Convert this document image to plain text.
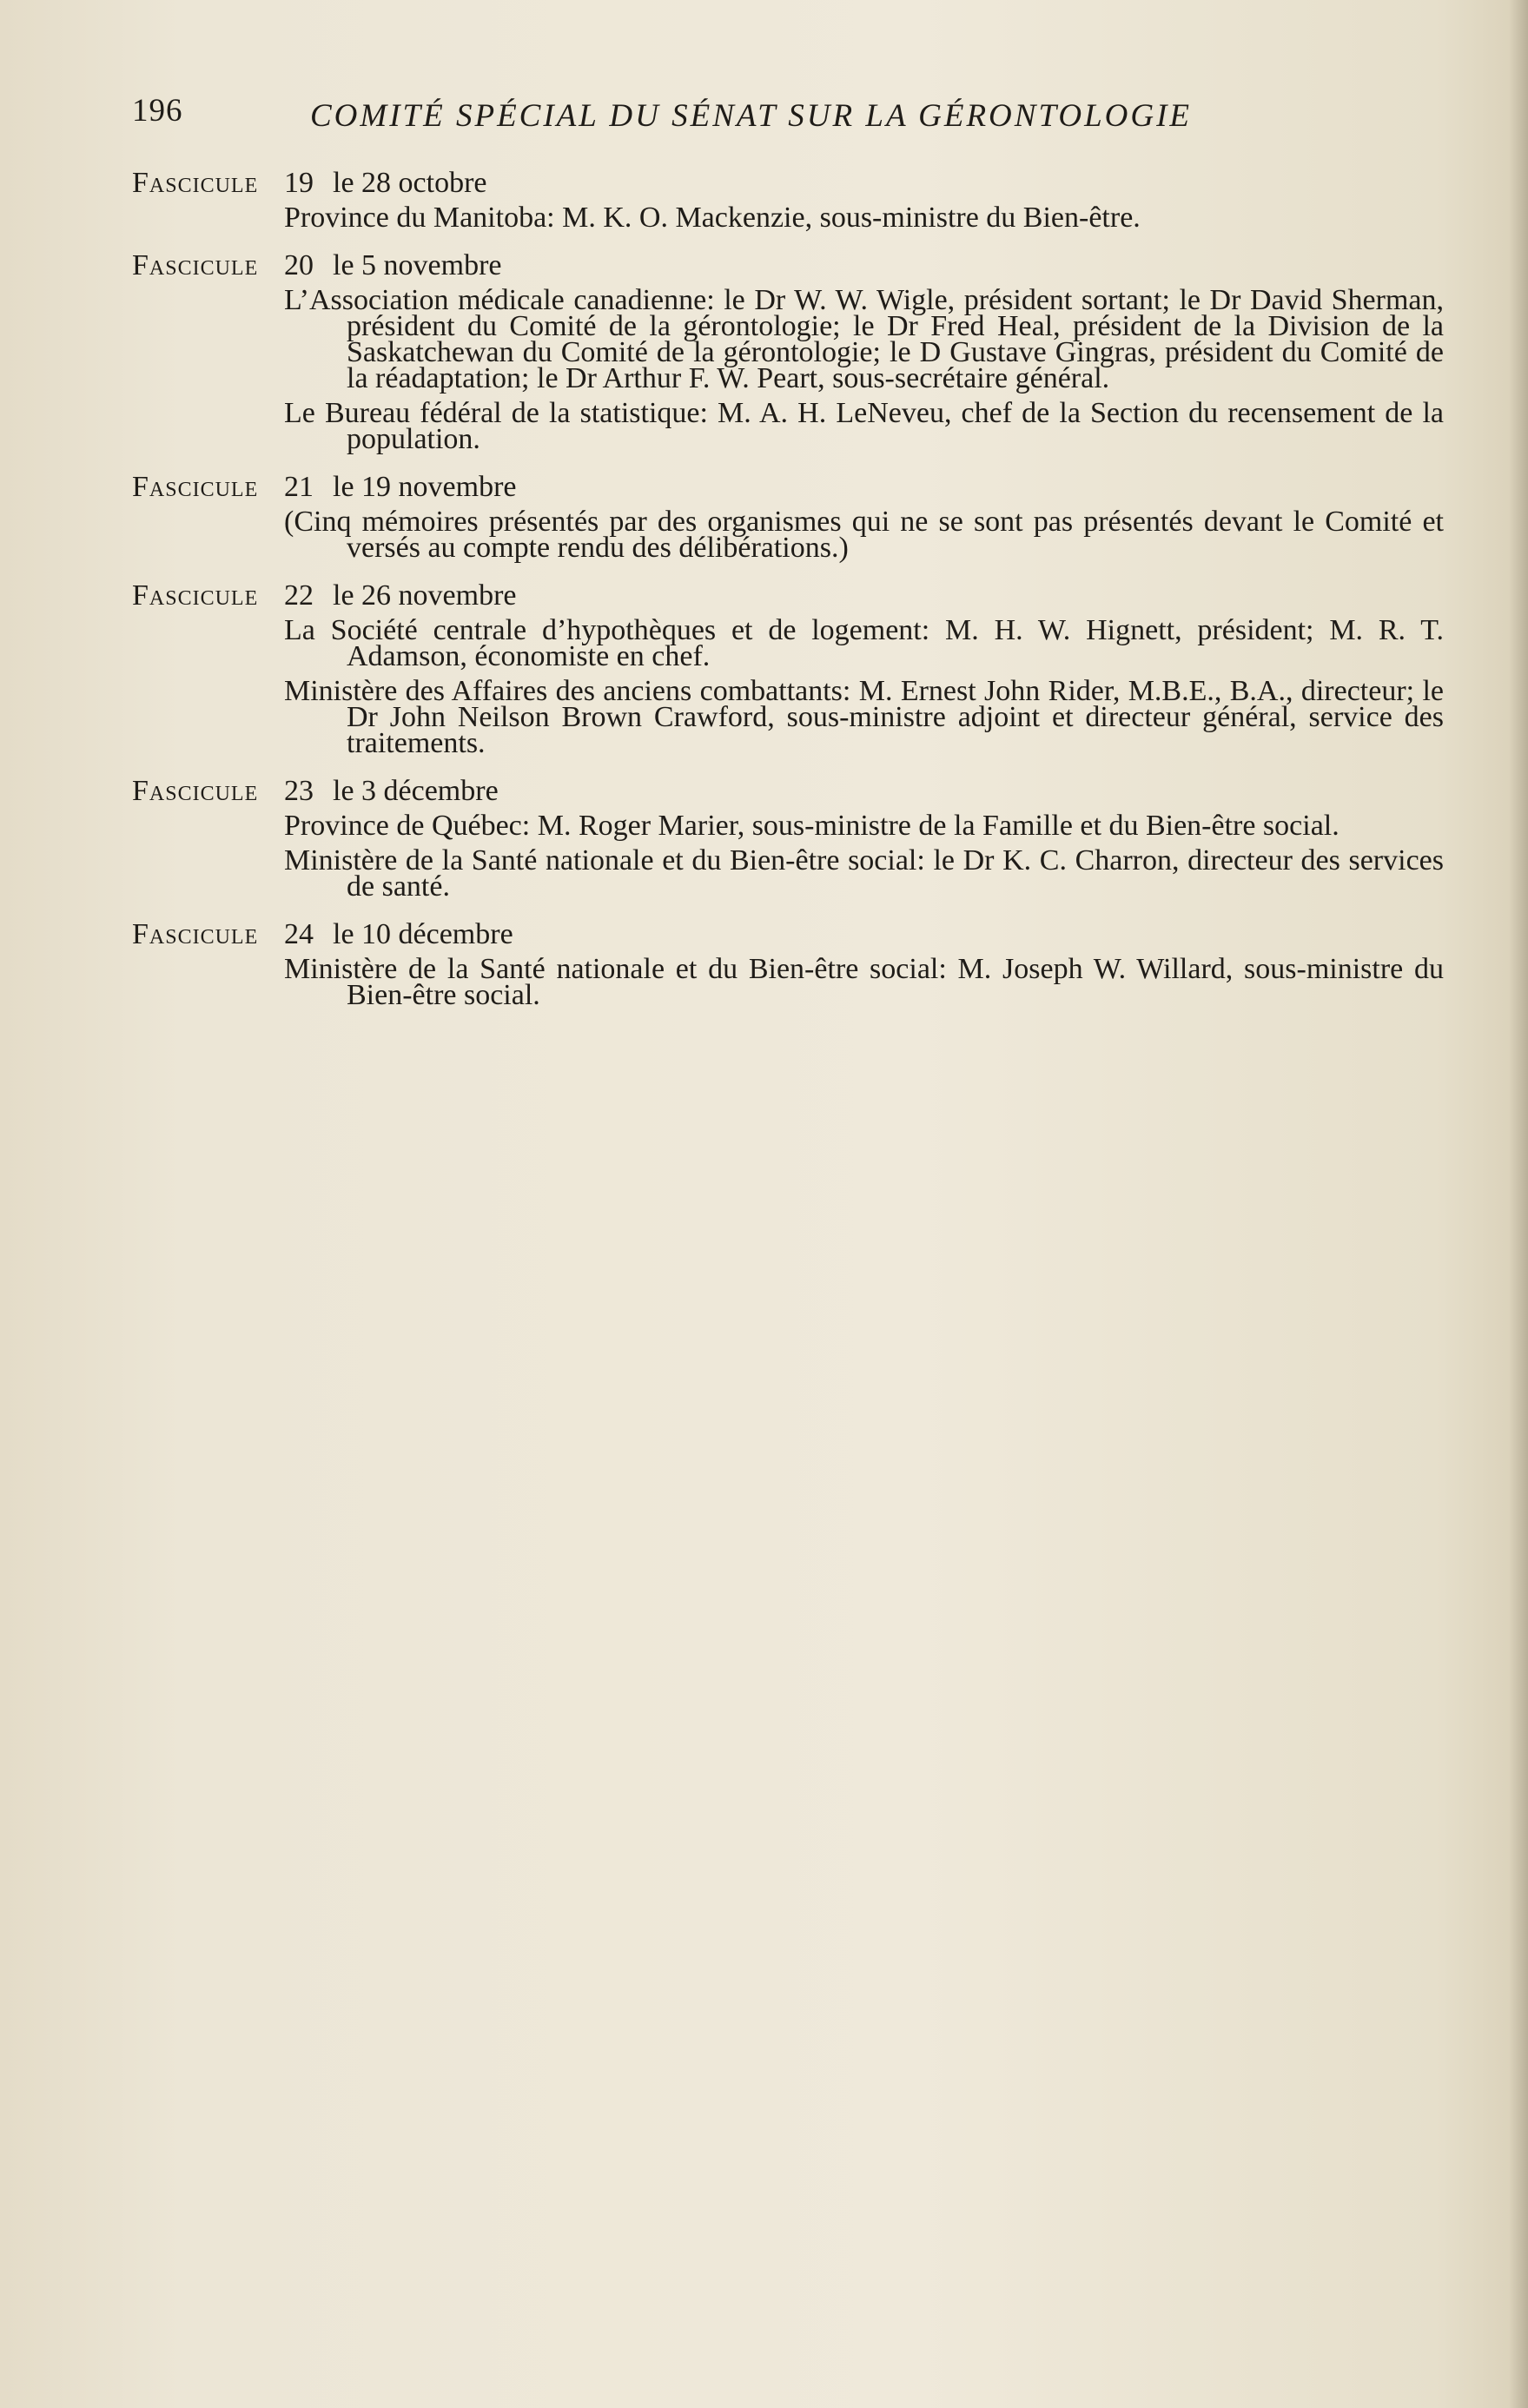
196	COMITÉ SPÉCIAL DU SÉNAT SUR LA GÉRONTOLOGIE
Fascicule 19 le 28 octobre
Province du Manitoba: M. K. O. Mackenzie, sous-ministre du Bien-être.
Fascicule 20 le 5 novembre
L’Association médicale canadienne: le Dr W. W. Wigle, président sortant; le Dr David Sherman, président du Comité de la gérontologie; le Dr Fred Heal, président de la Division de la Saskatchewan du Comité de la gérontologie; le D Gustave Gingras, président du Comité de la réadaptation; le Dr Arthur F. W. Peart, sous-secrétaire général.
Le Bureau fédéral de la statistique: M. A. H. LeNeveu, chef de la Section du recensement de la population.
Fascicule 21 le 19 novembre
(Cinq mémoires présentés par des organismes qui ne se sont pas présentés devant le Comité et versés au compte rendu des délibérations.)
Fascicule 22 le 26 novembre
La Société centrale d’hypothèques et de logement: M. H. W. Hignett, président; M. R. T. Adamson, économiste en chef.
Ministère des Affaires des anciens combattants: M. Ernest John Rider, M.B.E., B.A., directeur; le Dr John Neilson Brown Crawford, sous-ministre adjoint et directeur général, service des traitements.
Fascicule 23 le 3 décembre
Province de Québec: M. Roger Marier, sous-ministre de la Famille et du Bien-être social.
Ministère de la Santé nationale et du Bien-être social: le Dr K. C. Charron, directeur des services de santé.
Fascicule 24 le 10 décembre
Ministère de la Santé nationale et du Bien-être social: M. Joseph W. Willard, sous-ministre du Bien-être social.
